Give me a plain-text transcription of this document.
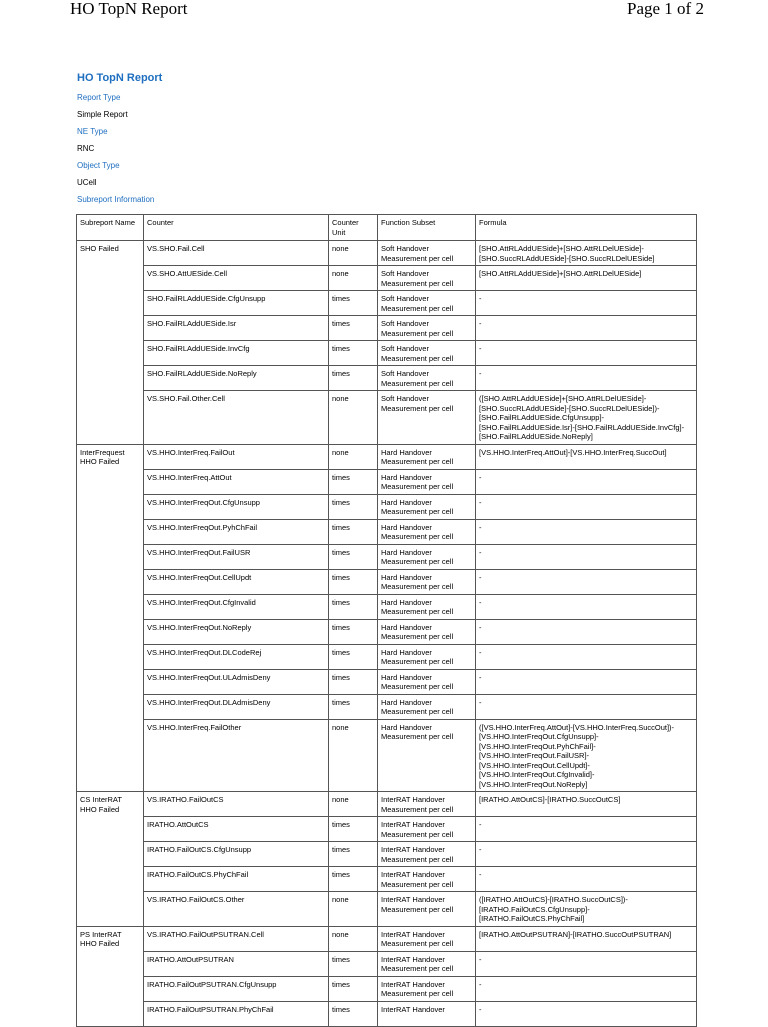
HO TopN Report	Page 1 of 2
HO TopN Report
Report Type
Simple Report
NE Type
RNC
Object Type
UCell
Subreport Information
Subreport Name	Counter	Counter Unit	Function Subset	Formula
SHO Failed	VS.SHO.Fail.Cell	none	Soft Handover Measurement per cell	[SHO.AttRLAddUESide]+[SHO.AttRLDelUESide]-[SHO.SuccRLAddUESide]-[SHO.SuccRLDelUESide]
	VS.SHO.AttUESide.Cell	none	Soft Handover Measurement per cell	[SHO.AttRLAddUESide]+[SHO.AttRLDelUESide]
	SHO.FailRLAddUESide.CfgUnsupp	times	Soft Handover Measurement per cell	-
	SHO.FailRLAddUESide.Isr	times	Soft Handover Measurement per cell	-
	SHO.FailRLAddUESide.InvCfg	times	Soft Handover Measurement per cell	-
	SHO.FailRLAddUESide.NoReply	times	Soft Handover Measurement per cell	-
	VS.SHO.Fail.Other.Cell	none	Soft Handover Measurement per cell	([SHO.AttRLAddUESide]+[SHO.AttRLDelUESide]-[SHO.SuccRLAddUESide]-[SHO.SuccRLDelUESide])-[SHO.FailRLAddUESide.CfgUnsupp]-[SHO.FailRLAddUESide.Isr]-[SHO.FailRLAddUESide.InvCfg]-[SHO.FailRLAddUESide.NoReply]
InterFrequest HHO Failed	VS.HHO.InterFreq.FailOut	none	Hard Handover Measurement per cell	[VS.HHO.InterFreq.AttOut]-[VS.HHO.InterFreq.SuccOut]
	VS.HHO.InterFreq.AttOut	times	Hard Handover Measurement per cell	-
	VS.HHO.InterFreqOut.CfgUnsupp	times	Hard Handover Measurement per cell	-
	VS.HHO.InterFreqOut.PyhChFail	times	Hard Handover Measurement per cell	-
	VS.HHO.InterFreqOut.FailUSR	times	Hard Handover Measurement per cell	-
	VS.HHO.InterFreqOut.CellUpdt	times	Hard Handover Measurement per cell	-
	VS.HHO.InterFreqOut.CfgInvalid	times	Hard Handover Measurement per cell	-
	VS.HHO.InterFreqOut.NoReply	times	Hard Handover Measurement per cell	-
	VS.HHO.InterFreqOut.DLCodeRej	times	Hard Handover Measurement per cell	-
	VS.HHO.InterFreqOut.ULAdmisDeny	times	Hard Handover Measurement per cell	-
	VS.HHO.InterFreqOut.DLAdmisDeny	times	Hard Handover Measurement per cell	-
	VS.HHO.InterFreq.FailOther	none	Hard Handover Measurement per cell	([VS.HHO.InterFreq.AttOut]-[VS.HHO.InterFreq.SuccOut])-[VS.HHO.InterFreqOut.CfgUnsupp]-[VS.HHO.InterFreqOut.PyhChFail]-[VS.HHO.InterFreqOut.FailUSR]-[VS.HHO.InterFreqOut.CellUpdt]-[VS.HHO.InterFreqOut.CfgInvalid]-[VS.HHO.InterFreqOut.NoReply]
CS InterRAT HHO Failed	VS.IRATHO.FailOutCS	none	InterRAT Handover Measurement per cell	[IRATHO.AttOutCS]-[IRATHO.SuccOutCS]
	IRATHO.AttOutCS	times	InterRAT Handover Measurement per cell	-
	IRATHO.FailOutCS.CfgUnsupp	times	InterRAT Handover Measurement per cell	-
	IRATHO.FailOutCS.PhyChFail	times	InterRAT Handover Measurement per cell	-
	VS.IRATHO.FailOutCS.Other	none	InterRAT Handover Measurement per cell	([IRATHO.AttOutCS]-[IRATHO.SuccOutCS])-[IRATHO.FailOutCS.CfgUnsupp]-[IRATHO.FailOutCS.PhyChFail]
PS InterRAT HHO Failed	VS.IRATHO.FailOutPSUTRAN.Cell	none	InterRAT Handover Measurement per cell	[IRATHO.AttOutPSUTRAN]-[IRATHO.SuccOutPSUTRAN]
	IRATHO.AttOutPSUTRAN	times	InterRAT Handover Measurement per cell	-
	IRATHO.FailOutPSUTRAN.CfgUnsupp	times	InterRAT Handover Measurement per cell	-
	IRATHO.FailOutPSUTRAN.PhyChFail	times	InterRAT Handover	-
